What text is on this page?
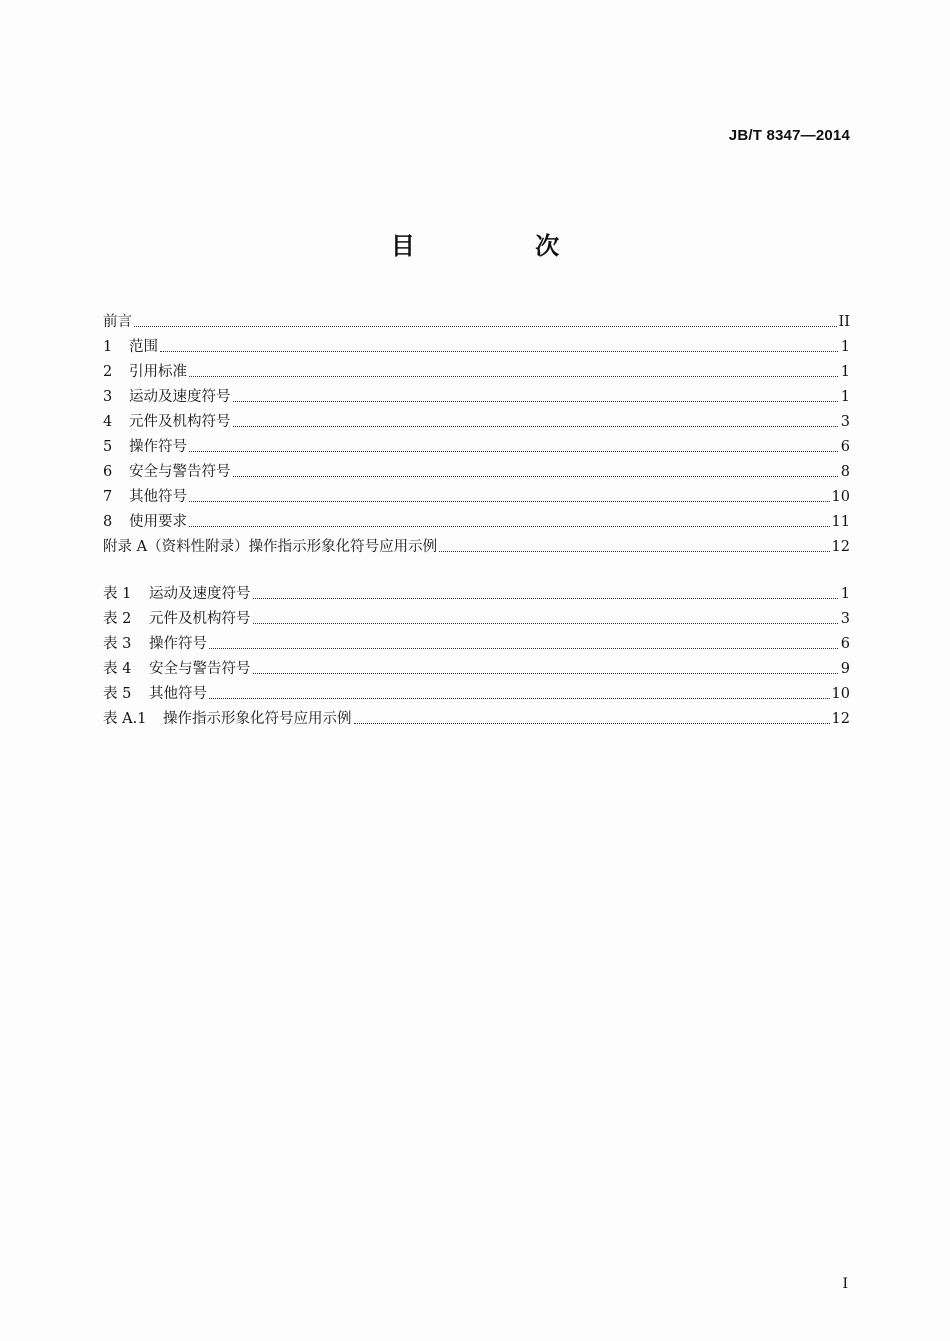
JB/T 8347—2014
目 次
前言	II
1	范围	1
2	引用标准	1
3	运动及速度符号	1
4	元件及机构符号	3
5	操作符号	6
6	安全与警告符号	8
7	其他符号	10
8	使用要求	11
附录 A（资料性附录）操作指示形象化符号应用示例	12
表 1	运动及速度符号	1
表 2	元件及机构符号	3
表 3	操作符号	6
表 4	安全与警告符号	9
表 5	其他符号	10
表 A.1	操作指示形象化符号应用示例	12
I
